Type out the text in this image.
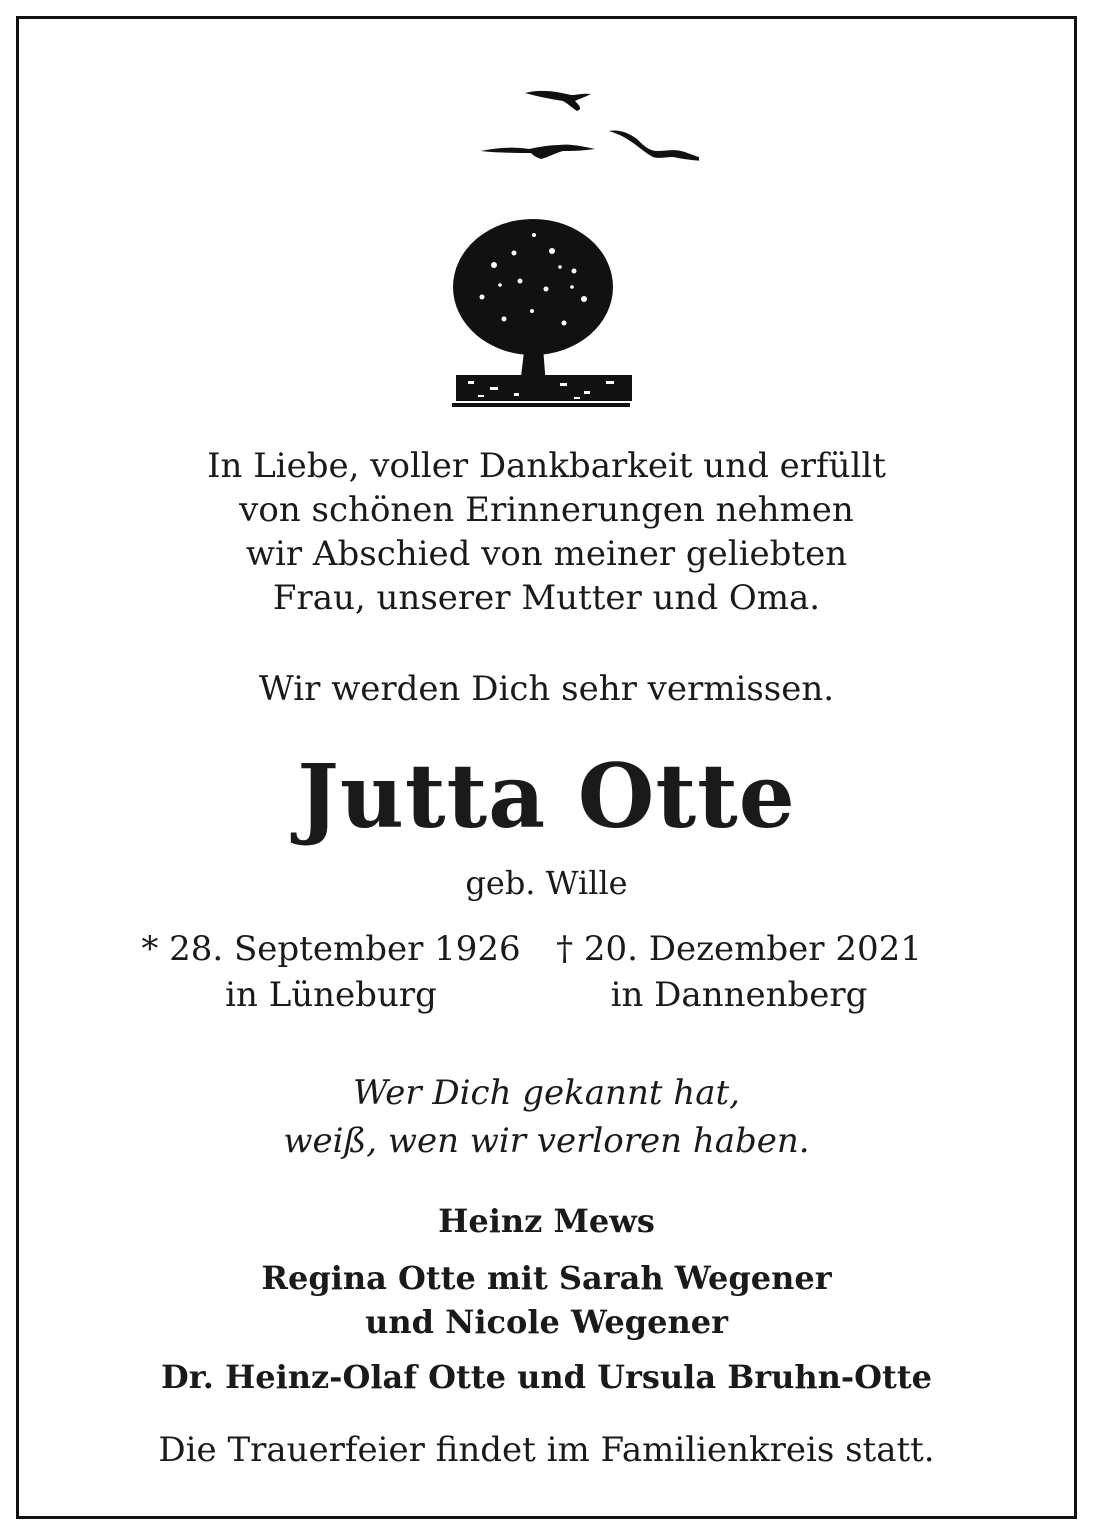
In Liebe, voller Dankbarkeit und erfüllt
von schönen Erinnerungen nehmen
wir Abschied von meiner geliebten
Frau, unserer Mutter und Oma.
Wir werden Dich sehr vermissen.
Jutta Otte
geb. Wille
* 28. September 1926
in Lüneburg
† 20. Dezember 2021
in Dannenberg
Wer Dich gekannt hat,
weiß, wen wir verloren haben.
Heinz Mews
Regina Otte mit Sarah Wegener
und Nicole Wegener
Dr. Heinz-Olaf Otte und Ursula Bruhn-Otte
Die Trauerfeier findet im Familienkreis statt.
